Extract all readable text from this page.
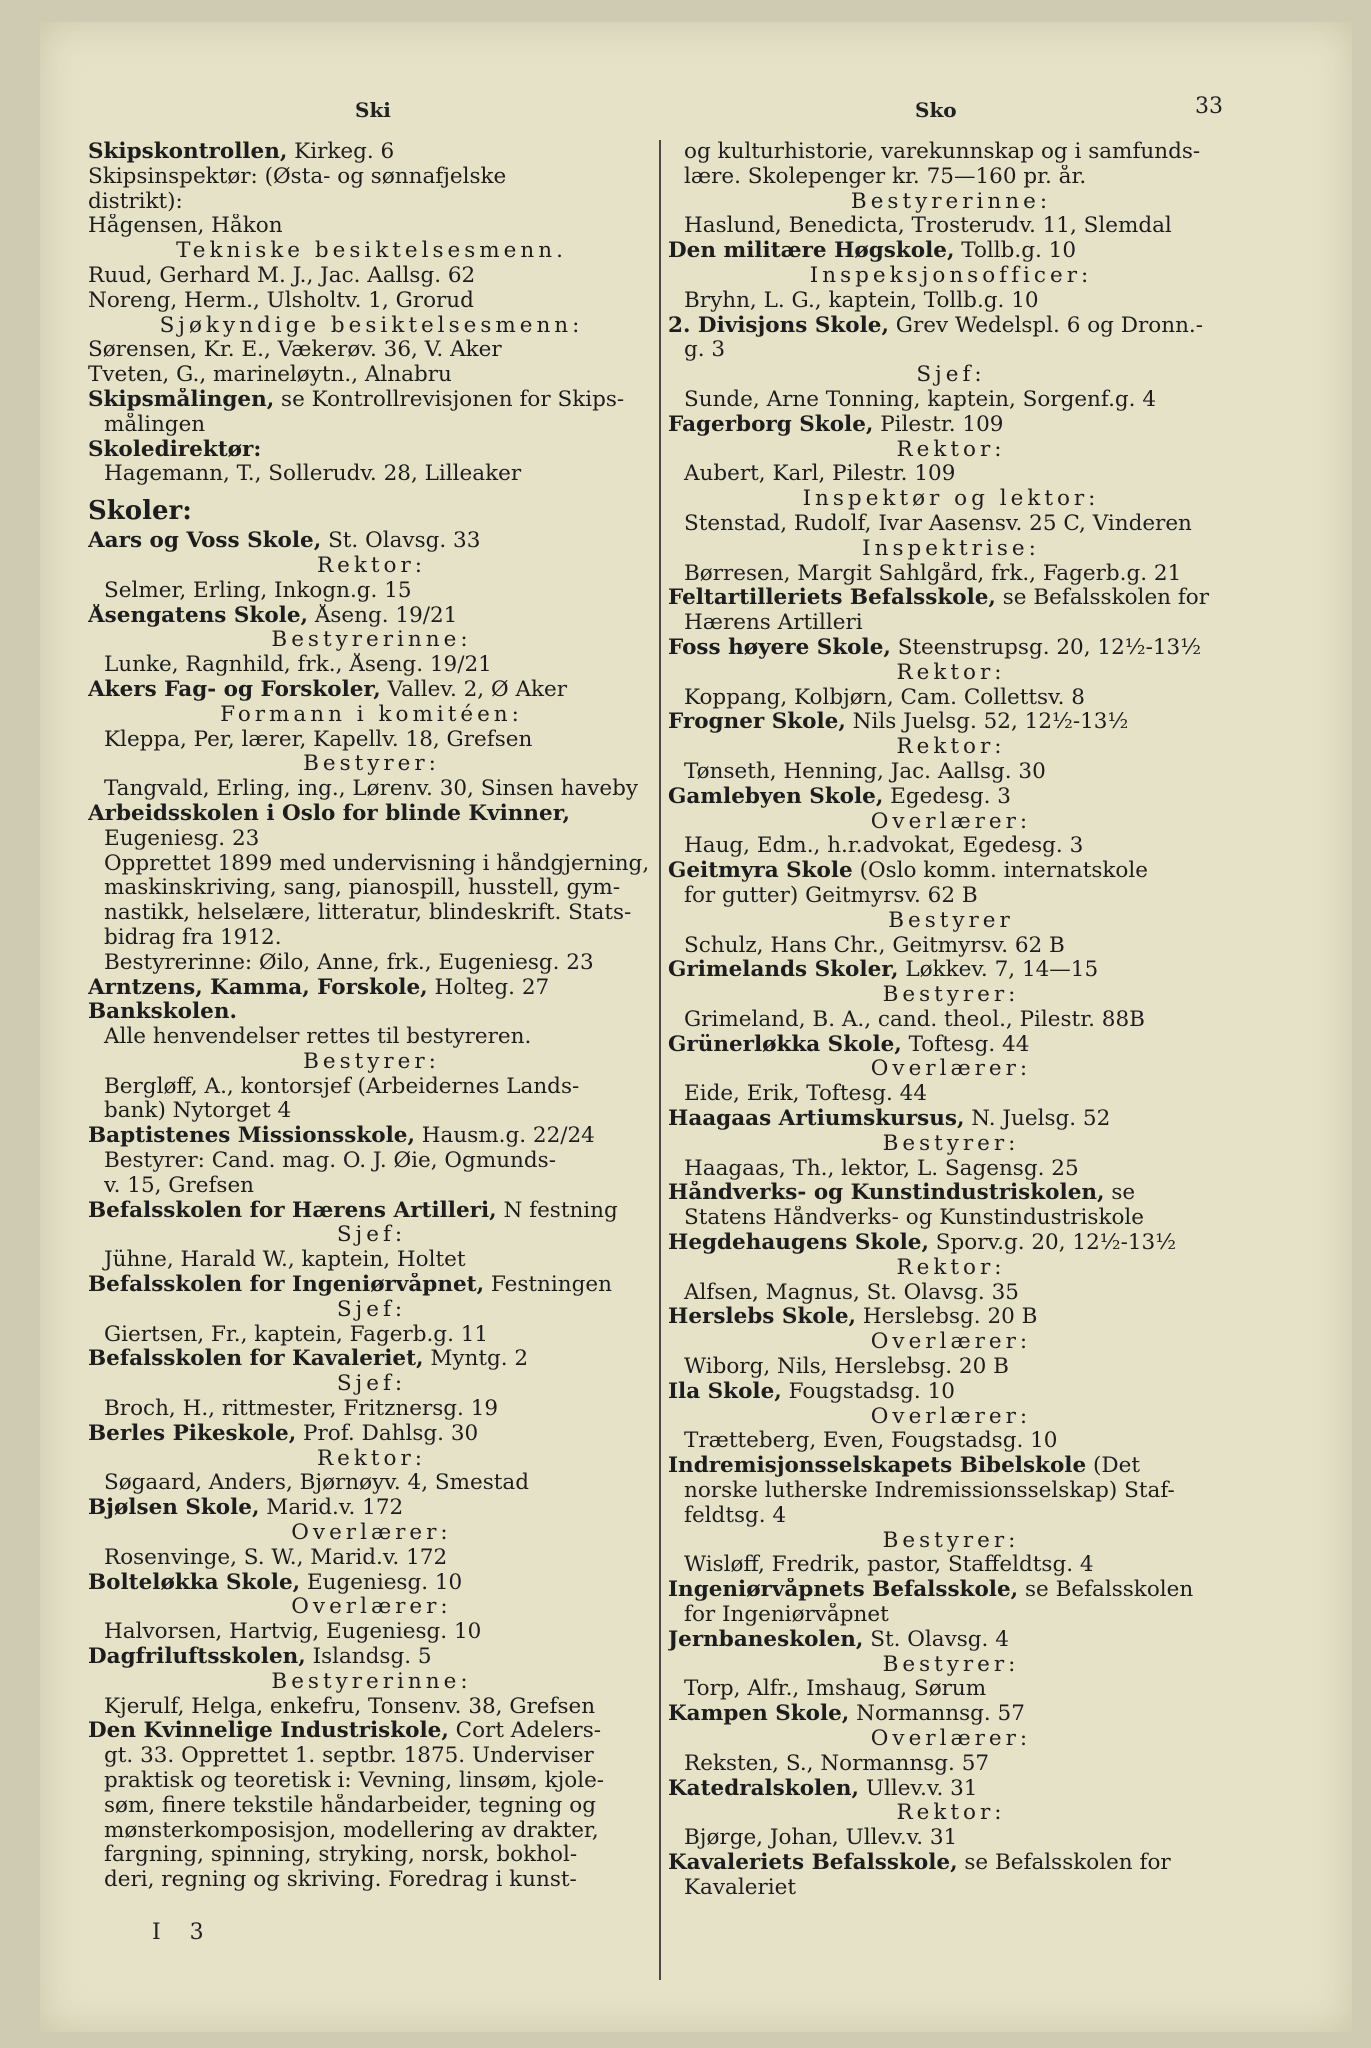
Ski	Sko	33
Skipskontrollen, Kirkeg. 6
Skipsinspektør: (Østa- og sønnafjelske
distrikt):
Hågensen, Håkon
Tekniske besiktelsesmenn.
Ruud, Gerhard M. J., Jac. Aallsg. 62
Noreng, Herm., Ulsholtv. 1, Grorud
Sjøkyndige besiktelsesmenn:
Sørensen, Kr. E., Vækerøv. 36, V. Aker
Tveten, G., marineløytn., Alnabru
Skipsmålingen, se Kontrollrevisjonen for Skips-
målingen
Skoledirektør:
Hagemann, T., Sollerudv. 28, Lilleaker
Skoler:
Aars og Voss Skole, St. Olavsg. 33
Rektor:
Selmer, Erling, Inkogn.g. 15
Åsengatens Skole, Åseng. 19/21
Bestyrerinne:
Lunke, Ragnhild, frk., Åseng. 19/21
Akers Fag- og Forskoler, Vallev. 2, Ø Aker
Formann i komitéen:
Kleppa, Per, lærer, Kapellv. 18, Grefsen
Bestyrer:
Tangvald, Erling, ing., Lørenv. 30, Sinsen haveby
Arbeidsskolen i Oslo for blinde Kvinner,
Eugeniesg. 23
Opprettet 1899 med undervisning i håndgjerning,
maskinskriving, sang, pianospill, husstell, gym-
nastikk, helselære, litteratur, blindeskrift. Stats-
bidrag fra 1912.
Bestyrerinne: Øilo, Anne, frk., Eugeniesg. 23
Arntzens, Kamma, Forskole, Holteg. 27
Bankskolen.
Alle henvendelser rettes til bestyreren.
Bestyrer:
Bergløff, A., kontorsjef (Arbeidernes Lands-
bank) Nytorget 4
Baptistenes Missionsskole, Hausm.g. 22/24
Bestyrer: Cand. mag. O. J. Øie, Ogmunds-
v. 15, Grefsen
Befalsskolen for Hærens Artilleri, N festning
Sjef:
Jühne, Harald W., kaptein, Holtet
Befalsskolen for Ingeniørvåpnet, Festningen
Sjef:
Giertsen, Fr., kaptein, Fagerb.g. 11
Befalsskolen for Kavaleriet, Myntg. 2
Sjef:
Broch, H., rittmester, Fritznersg. 19
Berles Pikeskole, Prof. Dahlsg. 30
Rektor:
Søgaard, Anders, Bjørnøyv. 4, Smestad
Bjølsen Skole, Marid.v. 172
Overlærer:
Rosenvinge, S. W., Marid.v. 172
Bolteløkka Skole, Eugeniesg. 10
Overlærer:
Halvorsen, Hartvig, Eugeniesg. 10
Dagfriluftsskolen, Islandsg. 5
Bestyrerinne:
Kjerulf, Helga, enkefru, Tonsenv. 38, Grefsen
Den Kvinnelige Industriskole, Cort Adelers-
gt. 33. Opprettet 1. septbr. 1875. Underviser
praktisk og teoretisk i: Vevning, linsøm, kjole-
søm, finere tekstile håndarbeider, tegning og
mønsterkomposisjon, modellering av drakter,
fargning, spinning, stryking, norsk, bokhol-
deri, regning og skriving. Foredrag i kunst-
og kulturhistorie, varekunnskap og i samfunds-
lære. Skolepenger kr. 75—160 pr. år.
Bestyrerinne:
Haslund, Benedicta, Trosterudv. 11, Slemdal
Den militære Høgskole, Tollb.g. 10
Inspeksjonsofficer:
Bryhn, L. G., kaptein, Tollb.g. 10
2. Divisjons Skole, Grev Wedelspl. 6 og Dronn.-
g. 3
Sjef:
Sunde, Arne Tonning, kaptein, Sorgenf.g. 4
Fagerborg Skole, Pilestr. 109
Rektor:
Aubert, Karl, Pilestr. 109
Inspektør og lektor:
Stenstad, Rudolf, Ivar Aasensv. 25 C, Vinderen
Inspektrise:
Børresen, Margit Sahlgård, frk., Fagerb.g. 21
Feltartilleriets Befalsskole, se Befalsskolen for
Hærens Artilleri
Foss høyere Skole, Steenstrupsg. 20, 12½-13½
Rektor:
Koppang, Kolbjørn, Cam. Collettsv. 8
Frogner Skole, Nils Juelsg. 52, 12½-13½
Rektor:
Tønseth, Henning, Jac. Aallsg. 30
Gamlebyen Skole, Egedesg. 3
Overlærer:
Haug, Edm., h.r.advokat, Egedesg. 3
Geitmyra Skole (Oslo komm. internatskole
for gutter) Geitmyrsv. 62 B
Bestyrer
Schulz, Hans Chr., Geitmyrsv. 62 B
Grimelands Skoler, Løkkev. 7, 14—15
Bestyrer:
Grimeland, B. A., cand. theol., Pilestr. 88B
Grünerløkka Skole, Toftesg. 44
Overlærer:
Eide, Erik, Toftesg. 44
Haagaas Artiumskursus, N. Juelsg. 52
Bestyrer:
Haagaas, Th., lektor, L. Sagensg. 25
Håndverks- og Kunstindustriskolen, se
Statens Håndverks- og Kunstindustriskole
Hegdehaugens Skole, Sporv.g. 20, 12½-13½
Rektor:
Alfsen, Magnus, St. Olavsg. 35
Herslebs Skole, Herslebsg. 20 B
Overlærer:
Wiborg, Nils, Herslebsg. 20 B
Ila Skole, Fougstadsg. 10
Overlærer:
Trætteberg, Even, Fougstadsg. 10
Indremisjonsselskapets Bibelskole (Det
norske lutherske Indremissionsselskap) Staf-
feldtsg. 4
Bestyrer:
Wisløff, Fredrik, pastor, Staffeldtsg. 4
Ingeniørvåpnets Befalsskole, se Befalsskolen
for Ingeniørvåpnet
Jernbaneskolen, St. Olavsg. 4
Bestyrer:
Torp, Alfr., Imshaug, Sørum
Kampen Skole, Normannsg. 57
Overlærer:
Reksten, S., Normannsg. 57
Katedralskolen, Ullev.v. 31
Rektor:
Bjørge, Johan, Ullev.v. 31
Kavaleriets Befalsskole, se Befalsskolen for
Kavaleriet
I 3
